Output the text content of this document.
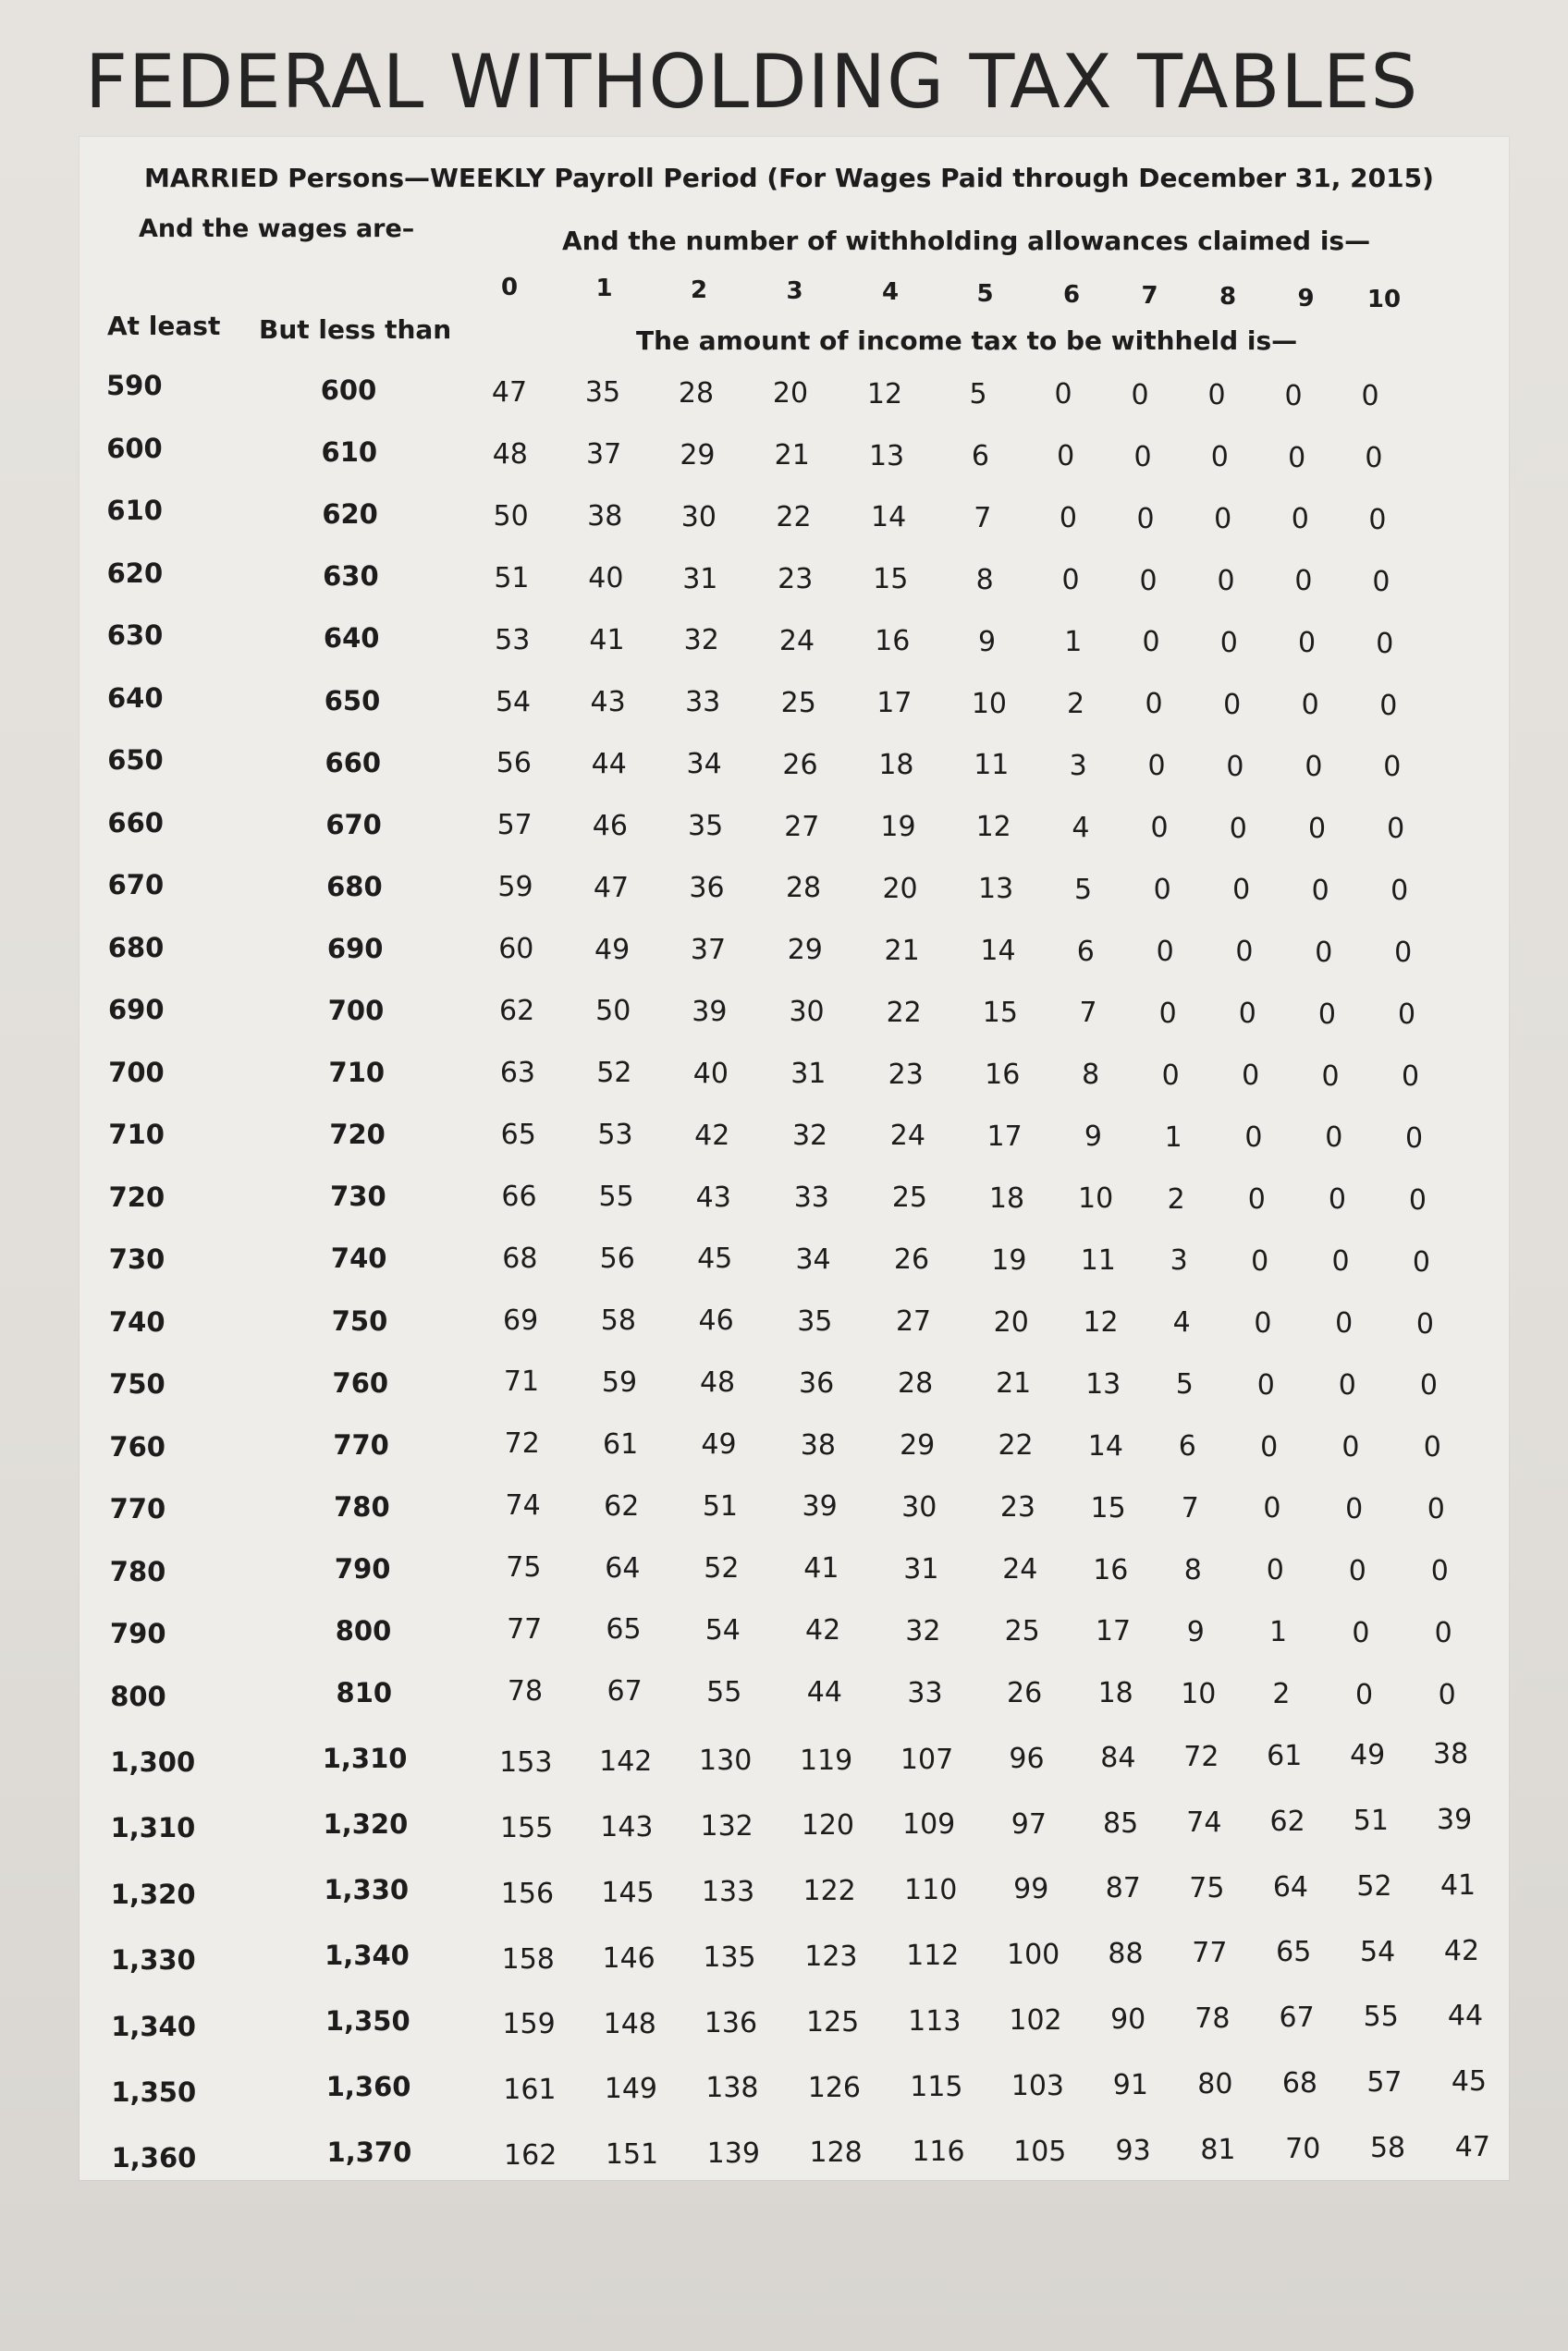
FEDERAL WITHOLDING TAX TABLES
MARRIED Persons—WEEKLY Payroll Period (For Wages Paid through December 31, 2015)
And the wages are–	And the number of withholding allowances claimed is—
At least But less than	The amount of income tax to be withheld is—
0	1	2	3	4	5	6	7	8	9 10
590	600	47 35 28 20 12 5 0 0 0 0 0
600	610	48 37 29 21 13 6 0 0 0 0 0
610	620	50 38 30 22 14 7 0 0 0 0 0
620	630	51 40 31 23 15 8 0 0 0 0 0
630	640	53 41 32 24 16 9 1 0 0 0 0
640	650	54 43 33 25 17 10 2 0 0 0 0
650	660	56 44 34 26 18 11 3 0 0 0 0
660	670	57 46 35 27 19 12 4 0 0 0 0
670	680	59 47 36 28 20 13 5 0 0 0 0
680	690	60 49 37 29 21 14 6 0 0 0 0
690	700	62 50 39 30 22 15 7 0 0 0 0
700	710	63 52 40 31 23 16 8 0 0 0 0
710	720	65 53 42 32 24 17 9 1 0 0 0
720	730	66 55 43 33 25 18 10 2 0 0 0
730	740	68 56 45 34 26 19 11 3 0 0 0
740	750	69 58 46 35 27 20 12 4 0 0 0
750	760	71 59 48 36 28 21 13 5 0 0 0
760	770	72 61 49 38 29 22 14 6 0 0 0
770	780	74 62 51 39 30 23 15 7 0 0 0
780	790	75 64 52 41 31 24 16 8 0 0 0
790	800	77 65 54 42 32 25 17 9 1 0 0
800	810	78 67 55 44 33 26 18 10 2 0 0
1,300	1,310	153 142 130 119 107 96 84 72 61 49 38
1,310	1,320	155 143 132 120 109 97 85 74 62 51 39
1,320	1,330	156 145 133 122 110 99 87 75 64 52 41
1,330	1,340	158 146 135 123 112 100 88 77 65 54 42
1,340	1,350	159 148 136 125 113 102 90 78 67 55 44
1,350	1,360	161 149 138 126 115 103 91 80 68 57 45
1,360	1,370	162 151 139 128 116 105 93 81 70 58 47
